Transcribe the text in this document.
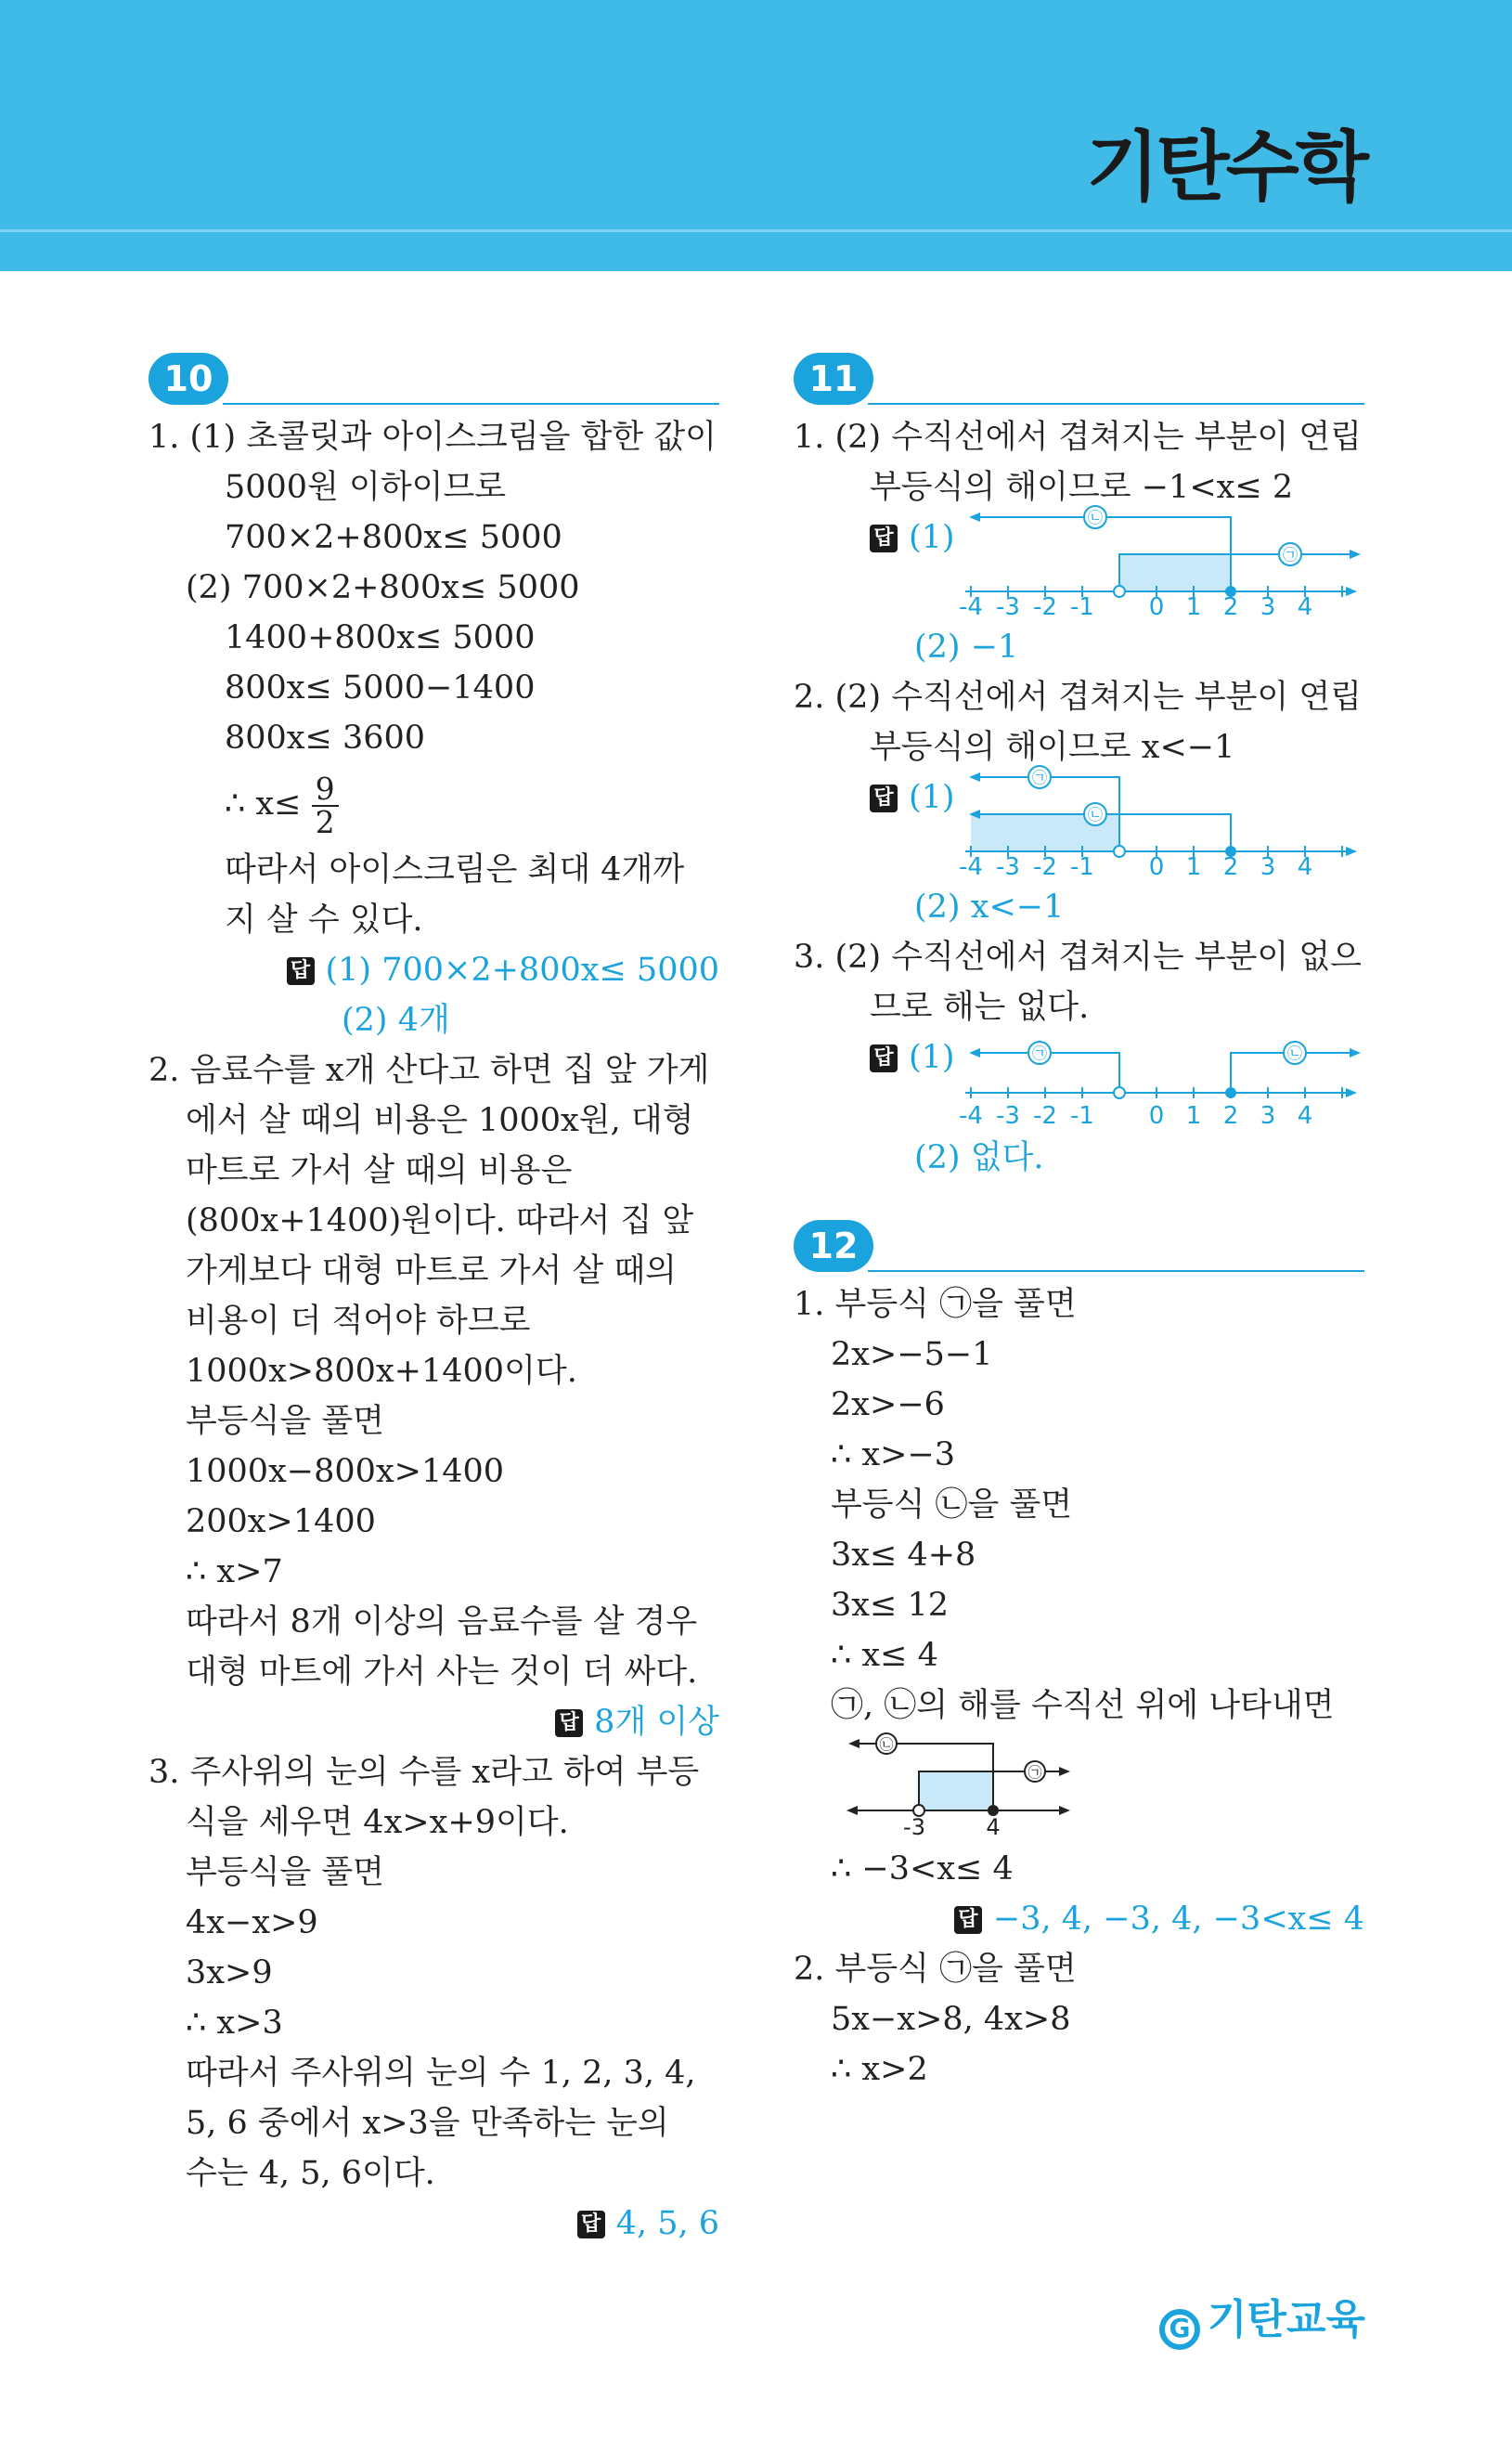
기탄수학
10
1. (1) 초콜릿과 아이스크림을 합한 값이
5000원 이하이므로
700×2+800x≤ 5000
(2) 700×2+800x≤ 5000
1400+800x≤ 5000
800x≤ 5000−1400
800x≤ 3600
∴ $x\le \frac{9}{2}$
따라서 아이스크림은 최대 4개까
지 살 수 있다.
답 (1) 700×2+800x≤ 5000
(2) 4개
2. 음료수를 x개 산다고 하면 집 앞 가게
에서 살 때의 비용은 1000x원, 대형
마트로 가서 살 때의 비용은
(800x+1400)원이다. 따라서 집 앞
가게보다 대형 마트로 가서 살 때의
비용이 더 적어야 하므로
1000x>800x+1400이다.
부등식을 풀면
1000x−800x>1400
200x>1400
∴ x>7
따라서 8개 이상의 음료수를 살 경우
대형 마트에 가서 사는 것이 더 싸다.
답 8개 이상
3. 주사위의 눈의 수를 x라고 하여 부등
식을 세우면 4x>x+9이다.
부등식을 풀면
4x−x>9
3x>9
∴ x>3
따라서 주사위의 눈의 수 1, 2, 3, 4,
5, 6 중에서 x>3을 만족하는 눈의
수는 4, 5, 6이다.
답 4, 5, 6
11
1. (2) 수직선에서 겹쳐지는 부분이 연립
부등식의 해이므로 −1<x≤ 2
답 (1)
㉡
㉠
-4 -3 -2 -1 0 1 2 3 4
(2) −1
2. (2) 수직선에서 겹쳐지는 부분이 연립
부등식의 해이므로 x<−1
답 (1)
㉠
㉡
-4 -3 -2 -1 0 1 2 3 4
(2) x<−1
3. (2) 수직선에서 겹쳐지는 부분이 없으
므로 해는 없다.
답 (1)	㉠	㉡
-4 -3 -2 -1 0 1 2 3 4
(2) 없다.
12
1. 부등식 ㉠을 풀면
2x>−5−1
2x>−6
∴ x>−3
부등식 ㉡을 풀면
3x≤ 4+8
3x≤ 12
∴ x≤ 4
㉠, ㉡의 해를 수직선 위에 나타내면
㉡
㉠
-3	4
∴ −3<x≤ 4
답 −3, 4, −3, 4, −3<x≤ 4
2. 부등식 ㉠을 풀면
5x−x>8, 4x>8
∴ x>2
G 기탄교육
